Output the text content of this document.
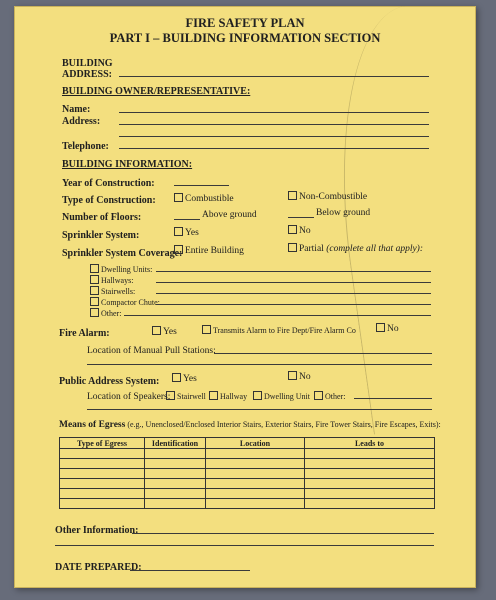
FIRE SAFETY PLAN
PART I – BUILDING INFORMATION SECTION
BUILDING
ADDRESS:
BUILDING OWNER/REPRESENTATIVE:
Name:
Address:
Telephone:
BUILDING INFORMATION:
Year of Construction:
Type of Construction:	Combustible	Non-Combustible
Number of Floors:	Above ground	Below ground
Sprinkler System:	Yes	No
Sprinkler System Coverage: Entire Building	Partial (complete all that apply):
Dwelling Units:
Hallways:
Stairwells:
Compactor Chute:
Other:
Fire Alarm:	Yes	Transmits Alarm to Fire Dept/Fire Alarm Co	No
Location of Manual Pull Stations:
Public Address System:	Yes	No
Location of Speakers: Stairwell	Hallway	Dwelling Unit	Other:
Means of Egress (e.g., Unenclosed/Enclosed Interior Stairs, Exterior Stairs, Fire Tower Stairs, Fire Escapes, Exits):
Type of Egress	Identification	Location	Leads to

Other Information:
DATE PREPARED:
